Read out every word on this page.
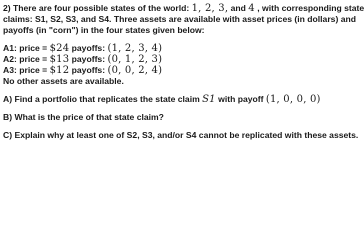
2) There are four possible states of the world: 1, 2, 3, and 4 , with corresponding state
claims: S1, S2, S3, and S4. Three assets are available with asset prices (in dollars) and
payoffs (in "corn") in the four states given below:
A1: price = $24 payoffs: (1, 2, 3, 4)
A2: price = $13 payoffs: (0, 1, 2, 3)
A3: price = $12 payoffs: (0, 0, 2, 4)
No other assets are available.
A) Find a portfolio that replicates the state claim S1 with payoff (1, 0, 0, 0)
B) What is the price of that state claim?
C) Explain why at least one of S2, S3, and/or S4 cannot be replicated with these assets.
